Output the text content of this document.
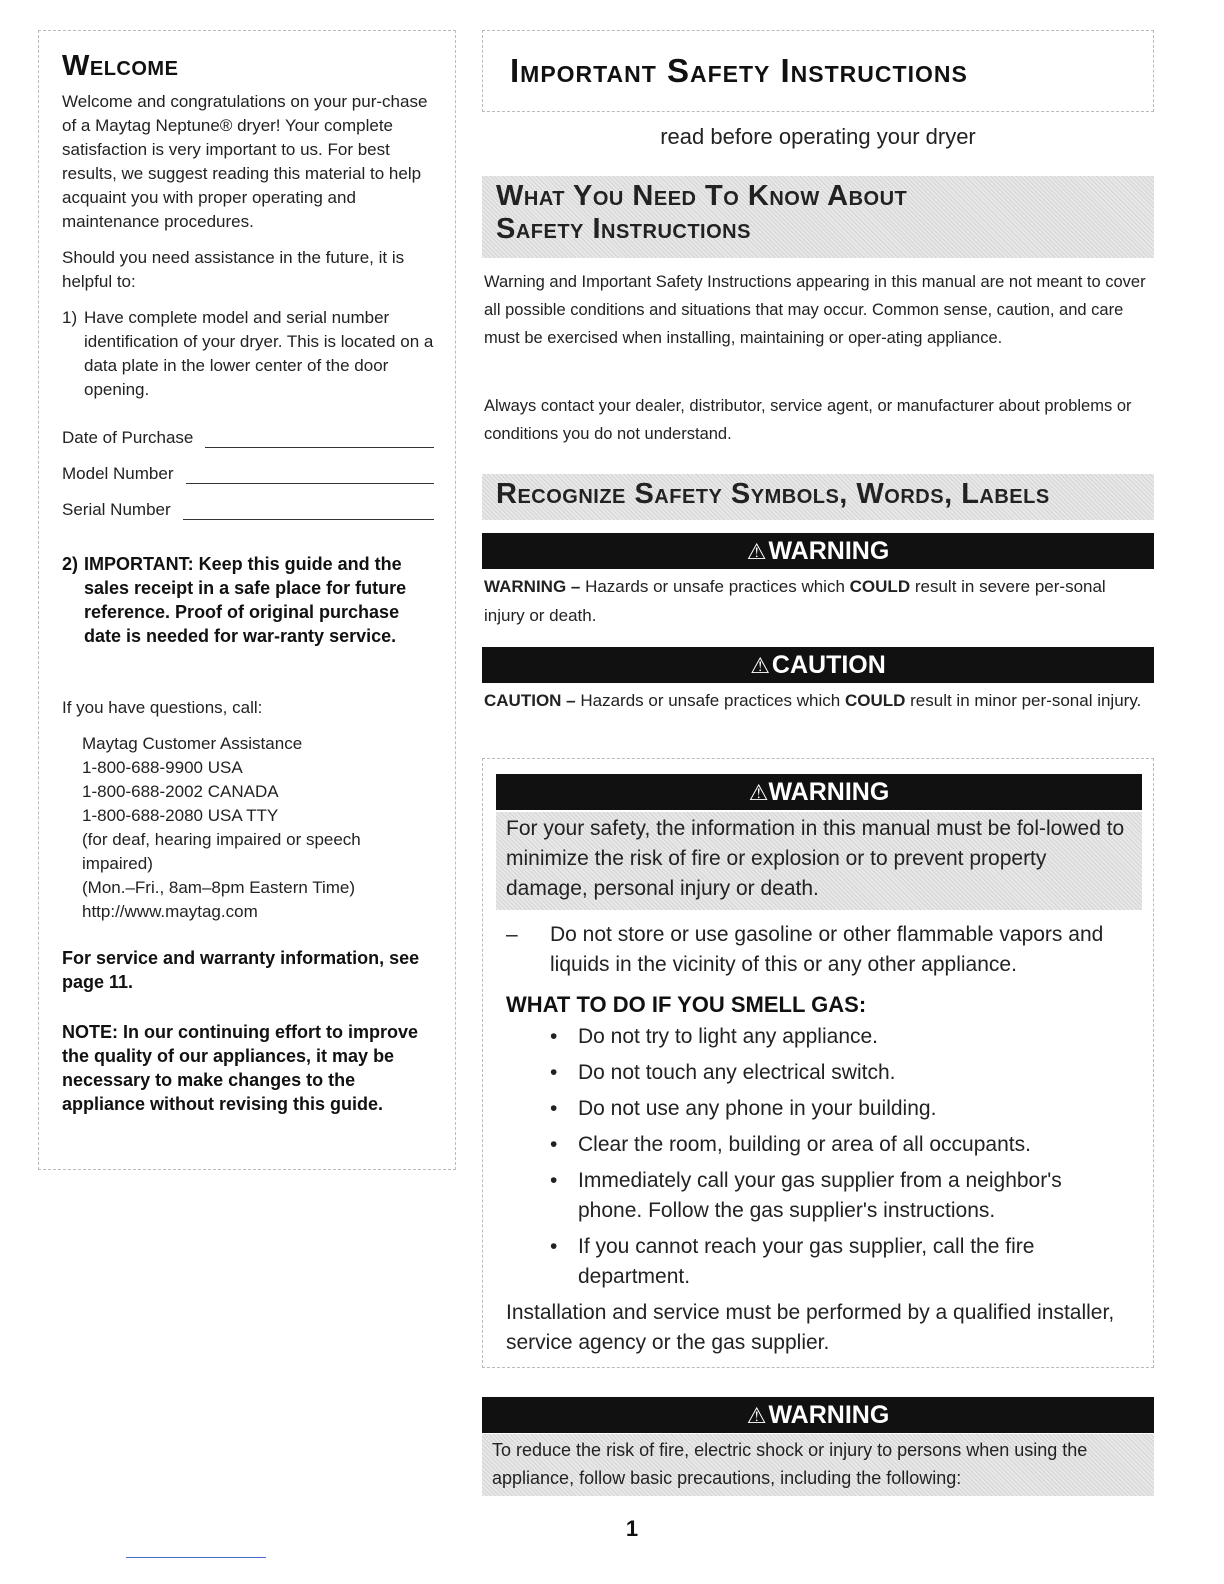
Welcome

Welcome and congratulations on your pur-chase of a Maytag Neptune® dryer! Your complete satisfaction is very important to us. For best results, we suggest reading this material to help acquaint you with proper operating and maintenance procedures.

Should you need assistance in the future, it is helpful to:

1) Have complete model and serial number identification of your dryer. This is located on a data plate in the lower center of the door opening.
Date of Purchase
Model Number
Serial Number
2) IMPORTANT: Keep this guide and the sales receipt in a safe place for future reference. Proof of original purchase date is needed for war-ranty service.

If you have questions, call:

Maytag Customer Assistance
1-800-688-9900 USA
1-800-688-2002 CANADA
1-800-688-2080 USA TTY
(for deaf, hearing impaired or speech impaired)
(Mon.–Fri., 8am–8pm Eastern Time)
http://www.maytag.com
For service and warranty information, see page 11.
NOTE: In our continuing effort to improve the quality of our appliances, it may be necessary to make changes to the appliance without revising this guide.
Important Safety Instructions
read before operating your dryer
What You Need To Know About
Safety Instructions

Warning and Important Safety Instructions appearing in this manual are not meant to cover all possible conditions and situations that may occur. Common sense, caution, and care must be exercised when installing, maintaining or oper-ating appliance.

Always contact your dealer, distributor, service agent, or manufacturer about problems or conditions you do not understand.

Recognize Safety Symbols, Words, Labels
⚠WARNING
WARNING – Hazards or unsafe practices which COULD result in severe per-sonal injury or death.
⚠CAUTION
CAUTION – Hazards or unsafe practices which COULD result in minor per-sonal injury.
⚠WARNING
For your safety, the information in this manual must be fol-lowed to minimize the risk of fire or explosion or to prevent property damage, personal injury or death.
–	Do not store or use gasoline or other flammable vapors and liquids in the vicinity of this or any other appliance.
WHAT TO DO IF YOU SMELL GAS:
• Do not try to light any appliance.
• Do not touch any electrical switch.
• Do not use any phone in your building.
• Clear the room, building or area of all occupants.
• Immediately call your gas supplier from a neighbor's phone. Follow the gas supplier's instructions.
• If you cannot reach your gas supplier, call the fire department.
Installation and service must be performed by a qualified installer, service agency or the gas supplier.
⚠WARNING
To reduce the risk of fire, electric shock or injury to persons when using the appliance, follow basic precautions, including the following:
1
